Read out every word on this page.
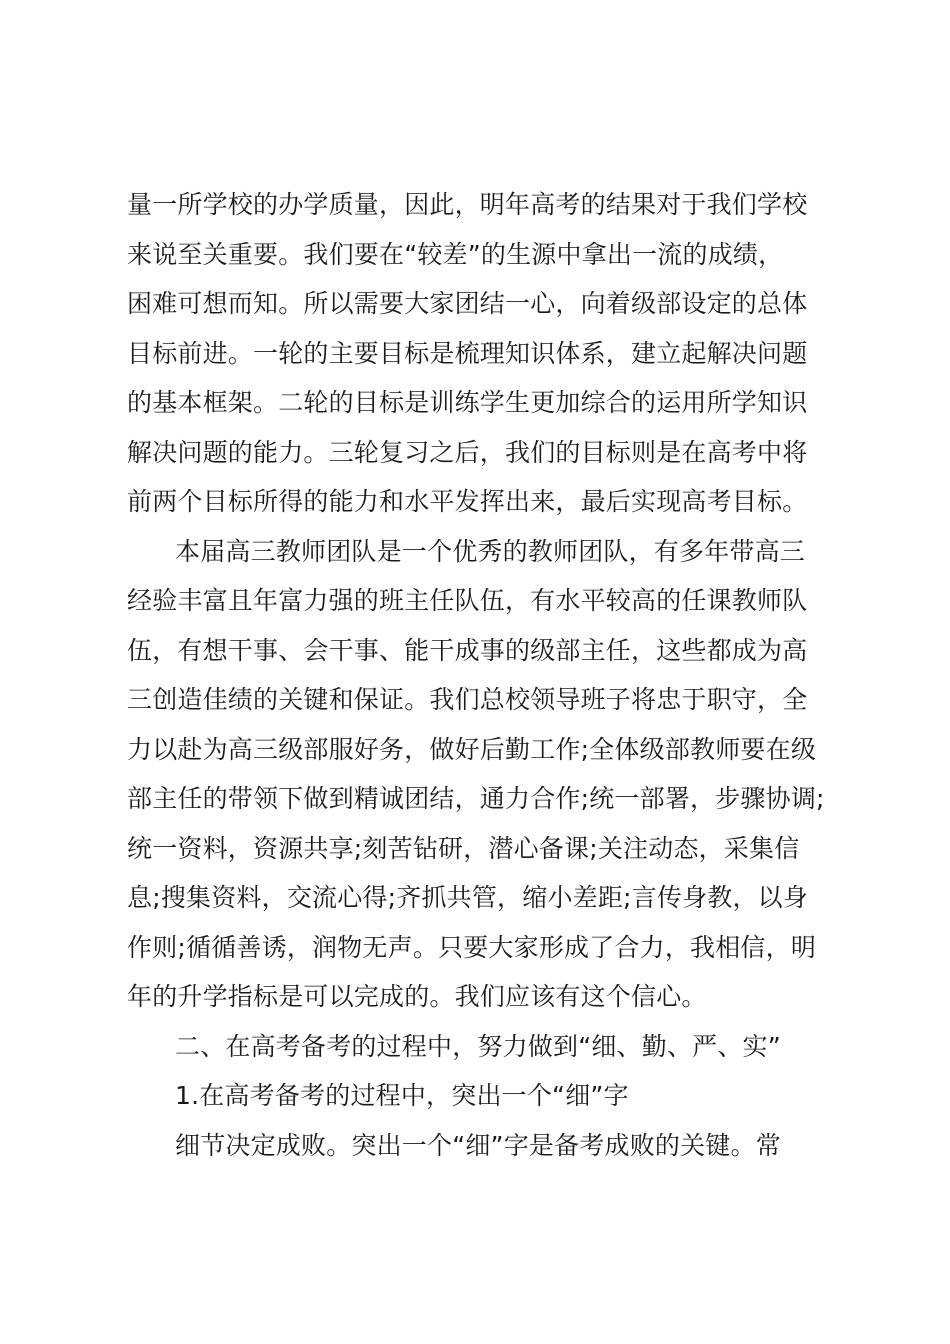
量一所学校的办学质量，因此，明年高考的结果对于我们学校
来说至关重要。我们要在“较差”的生源中拿出一流的成绩，
困难可想而知。所以需要大家团结一心，向着级部设定的总体
目标前进。一轮的主要目标是梳理知识体系，建立起解决问题
的基本框架。二轮的目标是训练学生更加综合的运用所学知识
解决问题的能力。三轮复习之后，我们的目标则是在高考中将
前两个目标所得的能力和水平发挥出来，最后实现高考目标。
本届高三教师团队是一个优秀的教师团队，有多年带高三
经验丰富且年富力强的班主任队伍，有水平较高的任课教师队
伍，有想干事、会干事、能干成事的级部主任，这些都成为高
三创造佳绩的关键和保证。我们总校领导班子将忠于职守，全
力以赴为高三级部服好务，做好后勤工作;全体级部教师要在级
部主任的带领下做到精诚团结，通力合作;统一部署，步骤协调;
统一资料，资源共享;刻苦钻研，潜心备课;关注动态，采集信
息;搜集资料，交流心得;齐抓共管，缩小差距;言传身教，以身
作则;循循善诱，润物无声。只要大家形成了合力，我相信，明
年的升学指标是可以完成的。我们应该有这个信心。
二、在高考备考的过程中，努力做到“细、勤、严、实”
1.在高考备考的过程中，突出一个“细”字
细节决定成败。突出一个“细”字是备考成败的关键。常
